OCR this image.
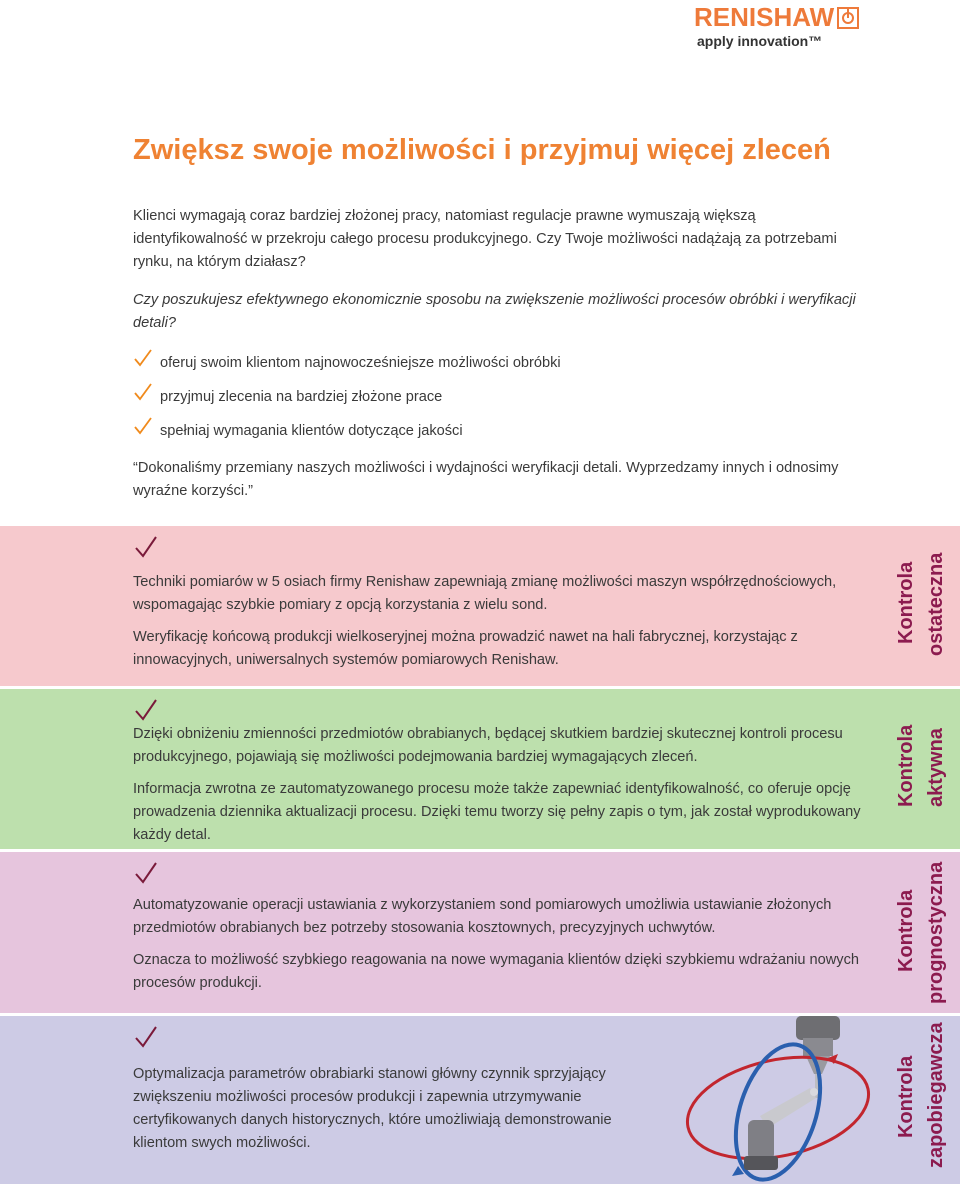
RENISHAW
apply innovation™
Zwiększ swoje możliwości i przyjmuj więcej zleceń

Klienci wymagają coraz bardziej złożonej pracy, natomiast regulacje prawne wymuszają większą identyfikowalność w przekroju całego procesu produkcyjnego. Czy Twoje możliwości nadążają za potrzebami rynku, na którym działasz?

Czy poszukujesz efektywnego ekonomicznie sposobu na zwiększenie możliwości procesów obróbki i weryfikacji detali?

oferuj swoim klientom najnowocześniejsze możliwości obróbki
przyjmuj zlecenia na bardziej złożone prace
spełniaj wymagania klientów dotyczące jakości

“Dokonaliśmy przemiany naszych możliwości i wydajności weryfikacji detali. Wyprzedzamy innych i odnosimy wyraźne korzyści.”

Techniki pomiarów w 5 osiach firmy Renishaw zapewniają zmianę możliwości maszyn współrzędnościowych, wspomagając szybkie pomiary z opcją korzystania z wielu sond.

Weryfikację końcową produkcji wielkoseryjnej można prowadzić nawet na hali fabrycznej, korzystając z innowacyjnych, uniwersalnych systemów pomiarowych Renishaw.

Kontrola ostateczna

Dzięki obniżeniu zmienności przedmiotów obrabianych, będącej skutkiem bardziej skutecznej kontroli procesu produkcyjnego, pojawiają się możliwości podejmowania bardziej wymagających zleceń.

Informacja zwrotna ze zautomatyzowanego procesu może także zapewniać identyfikowalność, co oferuje opcję prowadzenia dziennika aktualizacji procesu. Dzięki temu tworzy się pełny zapis o tym, jak został wyprodukowany każdy detal.

Kontrola aktywna

Automatyzowanie operacji ustawiania z wykorzystaniem sond pomiarowych umożliwia ustawianie złożonych przedmiotów obrabianych bez potrzeby stosowania kosztownych, precyzyjnych uchwytów.

Oznacza to możliwość szybkiego reagowania na nowe wymagania klientów dzięki szybkiemu wdrażaniu nowych procesów produkcji.

Kontrola prognostyczna

Optymalizacja parametrów obrabiarki stanowi główny czynnik sprzyjający zwiększeniu możliwości procesów produkcji i zapewnia utrzymywanie certyfikowanych danych historycznych, które umożliwiają demonstrowanie klientom swych możliwości.

Kontrola zapobiegawcza
